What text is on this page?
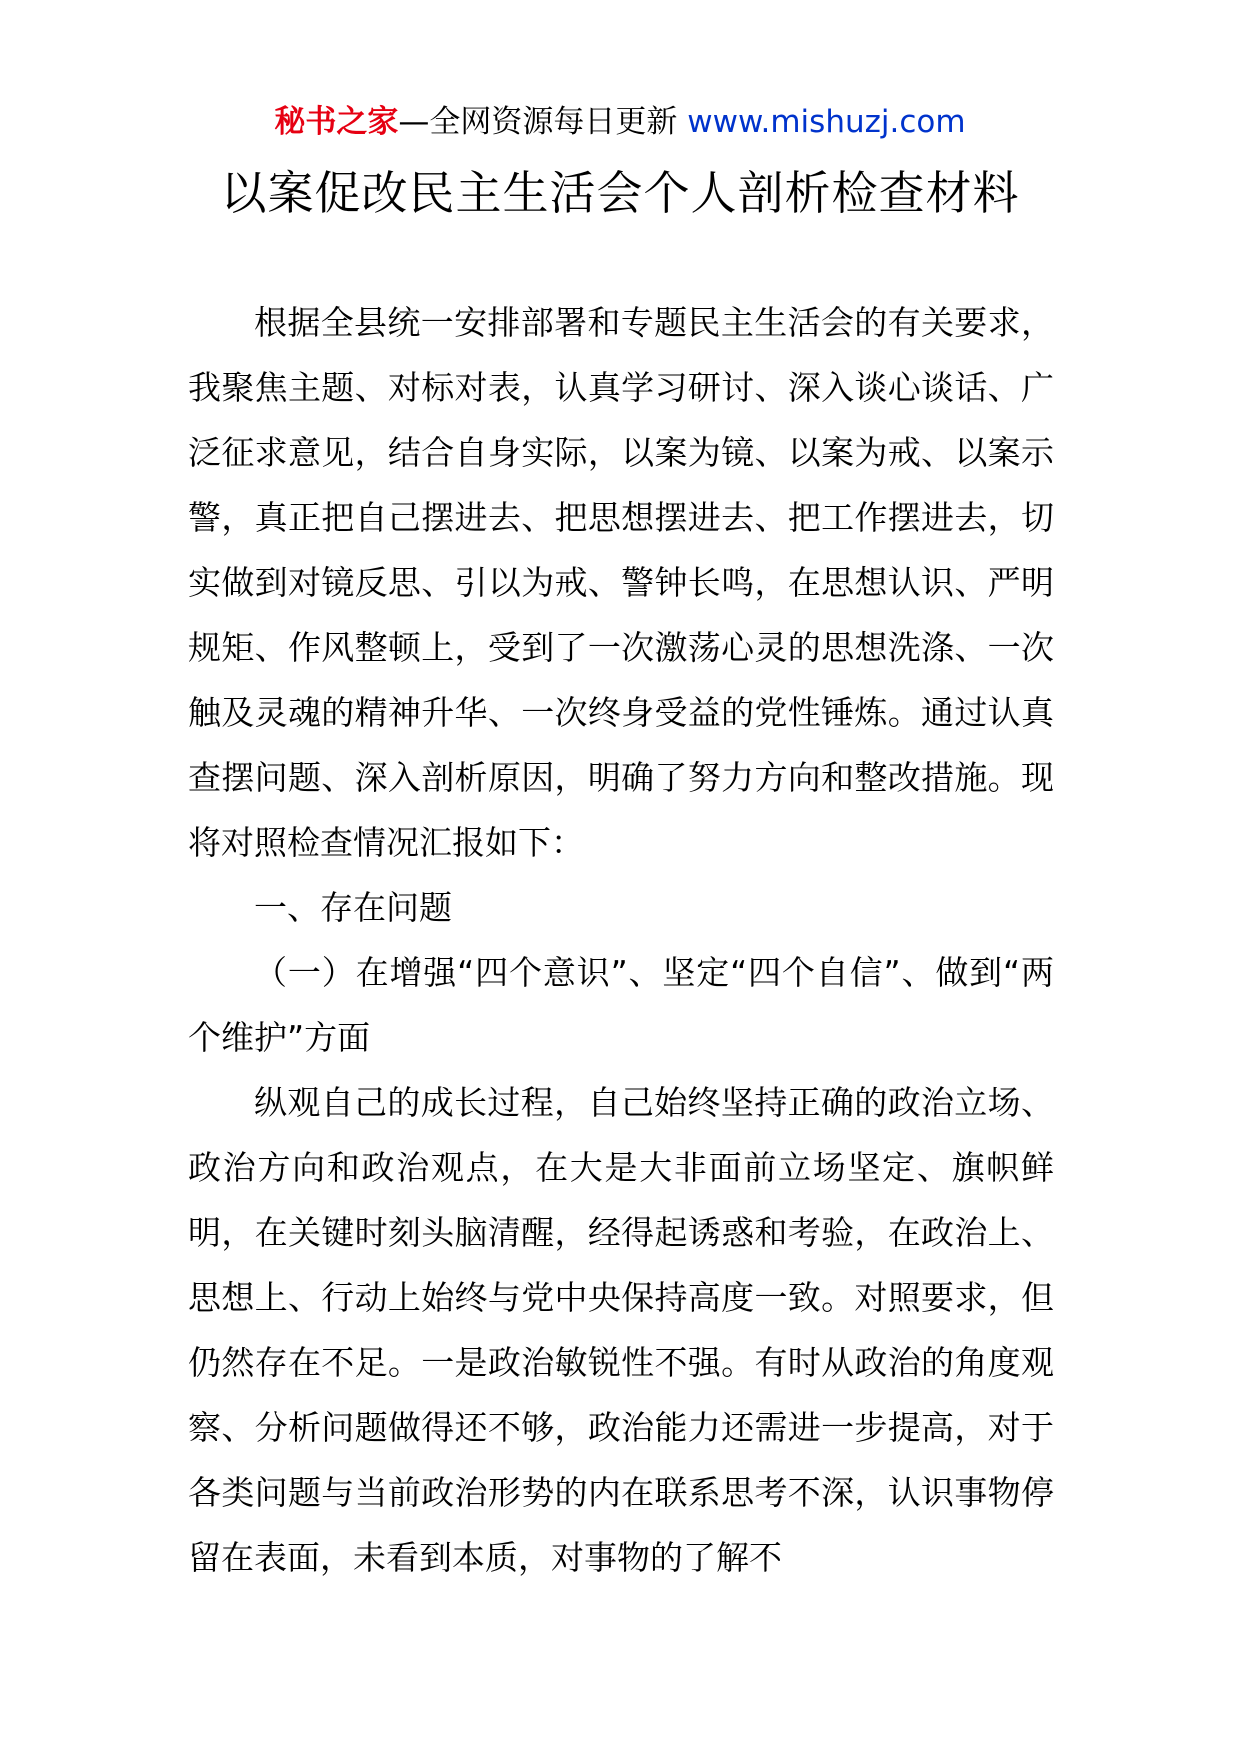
秘书之家—全网资源每日更新 www.mishuzj.com
以案促改民主生活会个人剖析检查材料

根据全县统一安排部署和专题民主生活会的有关要求，我聚焦主题、对标对表，认真学习研讨、深入谈心谈话、广泛征求意见，结合自身实际，以案为镜、以案为戒、以案示警，真正把自己摆进去、把思想摆进去、把工作摆进去，切实做到对镜反思、引以为戒、警钟长鸣，在思想认识、严明规矩、作风整顿上，受到了一次激荡心灵的思想洗涤、一次触及灵魂的精神升华、一次终身受益的党性锤炼。通过认真查摆问题、深入剖析原因，明确了努力方向和整改措施。现将对照检查情况汇报如下：

一、存在问题

（一）在增强“四个意识”、坚定“四个自信”、做到“两个维护”方面

纵观自己的成长过程，自己始终坚持正确的政治立场、政治方向和政治观点，在大是大非面前立场坚定、旗帜鲜明，在关键时刻头脑清醒，经得起诱惑和考验，在政治上、思想上、行动上始终与党中央保持高度一致。对照要求，但仍然存在不足。一是政治敏锐性不强。有时从政治的角度观察、分析问题做得还不够，政治能力还需进一步提高，对于各类问题与当前政治形势的内在联系思考不深，认识事物停留在表面，未看到本质，对事物的了解不
